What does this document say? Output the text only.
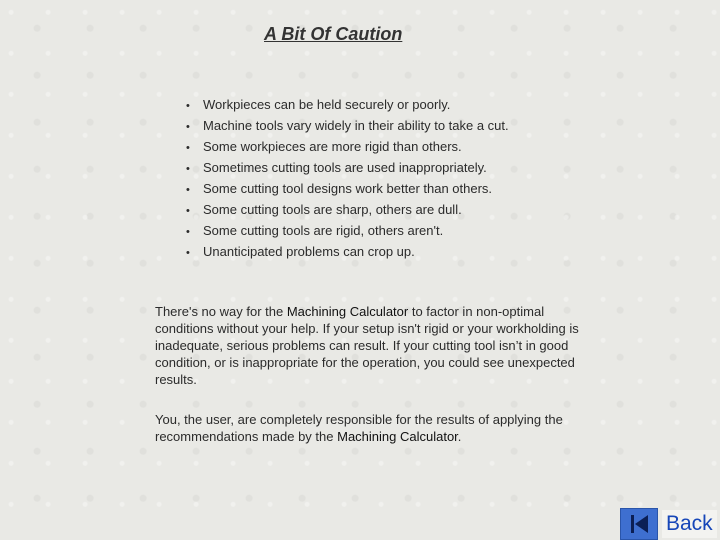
A Bit Of Caution
• Workpieces can be held securely or poorly.
• Machine tools vary widely in their ability to take a cut.
• Some workpieces are more rigid than others.
• Sometimes cutting tools are used inappropriately.
• Some cutting tool designs work better than others.
• Some cutting tools are sharp, others are dull.
• Some cutting tools are rigid, others aren't.
• Unanticipated problems can crop up.

There's no way for the Machining Calculator to factor in non-optimal conditions without your help. If your setup isn't rigid or your workholding is inadequate, serious problems can result. If your cutting tool isn’t in good condition, or is inappropriate for the operation, you could see unexpected results.

You, the user, are completely responsible for the results of applying the recommendations made by the Machining Calculator.

Back
